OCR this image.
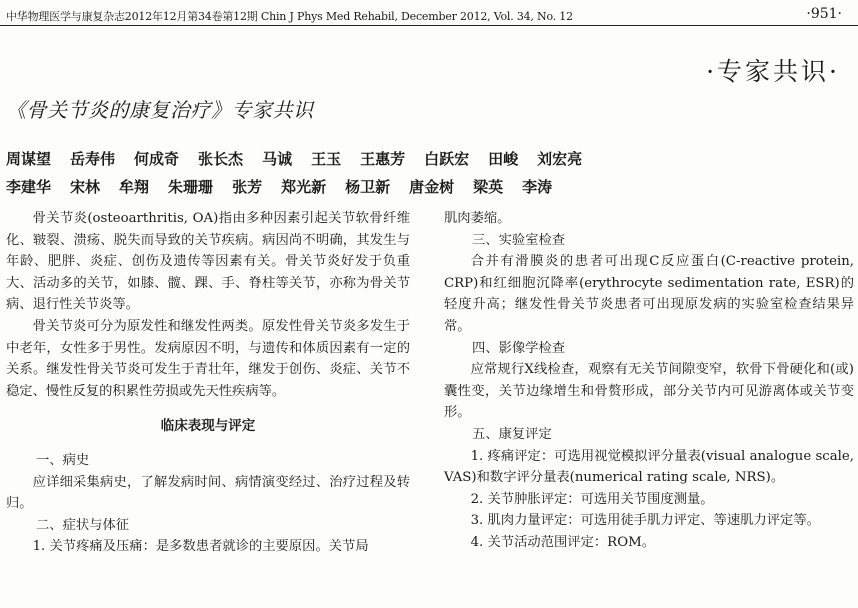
中华物理医学与康复杂志2012年12月第34卷第12期 Chin J Phys Med Rehabil, December 2012, Vol. 34, No. 12	·951·
·专家共识·
《骨关节炎的康复治疗》专家共识
周谋望 岳寿伟 何成奇 张长杰 马诚 王玉 王惠芳 白跃宏 田峻 刘宏亮
李建华 宋林 牟翔 朱珊珊 张芳 郑光新 杨卫新 唐金树 梁英 李涛

骨关节炎(osteoarthritis, OA)指由多种因素引起关节软骨纤维化、皲裂、溃疡、脱失而导致的关节疾病。病因尚不明确，其发生与年龄、肥胖、炎症、创伤及遗传等因素有关。骨关节炎好发于负重大、活动多的关节，如膝、髋、踝、手、脊柱等关节，亦称为骨关节病、退行性关节炎等。

骨关节炎可分为原发性和继发性两类。原发性骨关节炎多发生于中老年，女性多于男性。发病原因不明，与遗传和体质因素有一定的关系。继发性骨关节炎可发生于青壮年，继发于创伤、炎症、关节不稳定、慢性反复的积累性劳损或先天性疾病等。

临床表现与评定

一、病史

应详细采集病史，了解发病时间、病情演变经过、治疗过程及转归。

二、症状与体征

1. 关节疼痛及压痛：是多数患者就诊的主要原因。关节局

肌肉萎缩。

三、实验室检查

合并有滑膜炎的患者可出现C反应蛋白(C-reactive protein, CRP)和红细胞沉降率(erythrocyte sedimentation rate, ESR)的轻度升高；继发性骨关节炎患者可出现原发病的实验室检查结果异常。

四、影像学检查

应常规行X线检查，观察有无关节间隙变窄，软骨下骨硬化和(或)囊性变，关节边缘增生和骨赘形成，部分关节内可见游离体或关节变形。

五、康复评定

1. 疼痛评定：可选用视觉模拟评分量表(visual analogue scale, VAS)和数字评分量表(numerical rating scale, NRS)。

2. 关节肿胀评定：可选用关节围度测量。

3. 肌肉力量评定：可选用徒手肌力评定、等速肌力评定等。

4. 关节活动范围评定：ROM。
